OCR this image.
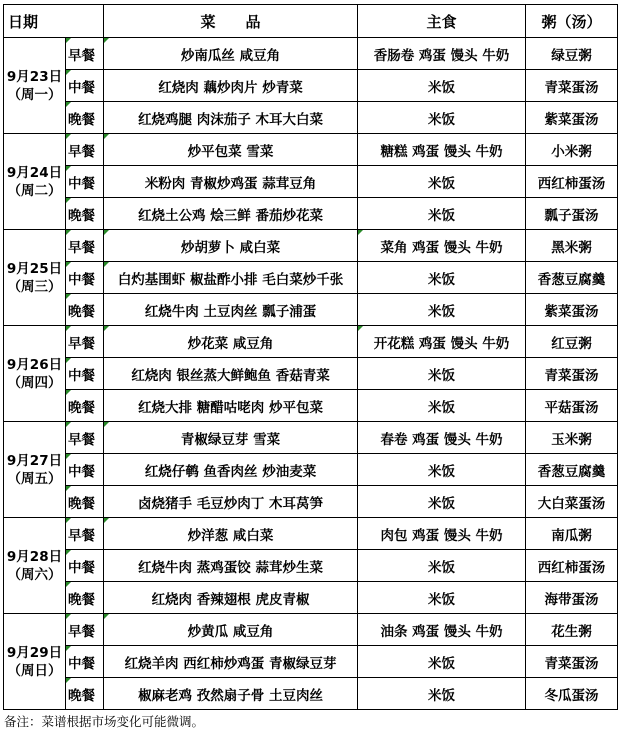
日期		菜　　品	主食	粥（汤）

9月23日
（周一）	早餐	炒南瓜丝 咸豆角	香肠卷 鸡蛋 馒头 牛奶	绿豆粥
	中餐	红烧肉 藕炒肉片 炒青菜	米饭	青菜蛋汤
	晚餐	红烧鸡腿 肉沫茄子 木耳大白菜	米饭	紫菜蛋汤

9月24日
（周二）	早餐	炒平包菜 雪菜	糖糕 鸡蛋 馒头 牛奶	小米粥
	中餐	米粉肉 青椒炒鸡蛋 蒜茸豆角	米饭	西红柿蛋汤
	晚餐	红烧土公鸡 烩三鲜 番茄炒花菜	米饭	瓢子蛋汤

9月25日
（周三）	早餐	炒胡萝卜 咸白菜	菜角 鸡蛋 馒头 牛奶	黑米粥
	中餐	白灼基围虾 椒盐酢小排 毛白菜炒千张	米饭	香葱豆腐羹
	晚餐	红烧牛肉 土豆肉丝 瓢子浦蛋	米饭	紫菜蛋汤

9月26日
（周四）	早餐	炒花菜 咸豆角	开花糕 鸡蛋 馒头 牛奶	红豆粥
	中餐	红烧肉 银丝蒸大鲜鲍鱼 香菇青菜	米饭	青菜蛋汤
	晚餐	红烧大排 糖醋咕咾肉 炒平包菜	米饭	平菇蛋汤

9月27日
（周五）	早餐	青椒绿豆芽 雪菜	春卷 鸡蛋 馒头 牛奶	玉米粥
	中餐	红烧仔鹌 鱼香肉丝 炒油麦菜	米饭	香葱豆腐羹
	晚餐	卤烧猪手 毛豆炒肉丁 木耳莴笋	米饭	大白菜蛋汤

9月28日
（周六）	早餐	炒洋葱 咸白菜	肉包 鸡蛋 馒头 牛奶	南瓜粥
	中餐	红烧牛肉 蒸鸡蛋饺 蒜茸炒生菜	米饭	西红柿蛋汤
	晚餐	红烧肉 香辣翅根 虎皮青椒	米饭	海带蛋汤

9月29日
（周日）	早餐	炒黄瓜 咸豆角	油条 鸡蛋 馒头 牛奶	花生粥
	中餐	红烧羊肉 西红柿炒鸡蛋 青椒绿豆芽	米饭	青菜蛋汤
	晚餐	椒麻老鸡 孜然扇子骨 土豆肉丝	米饭	冬瓜蛋汤
备注：菜谱根据市场变化可能微调。
